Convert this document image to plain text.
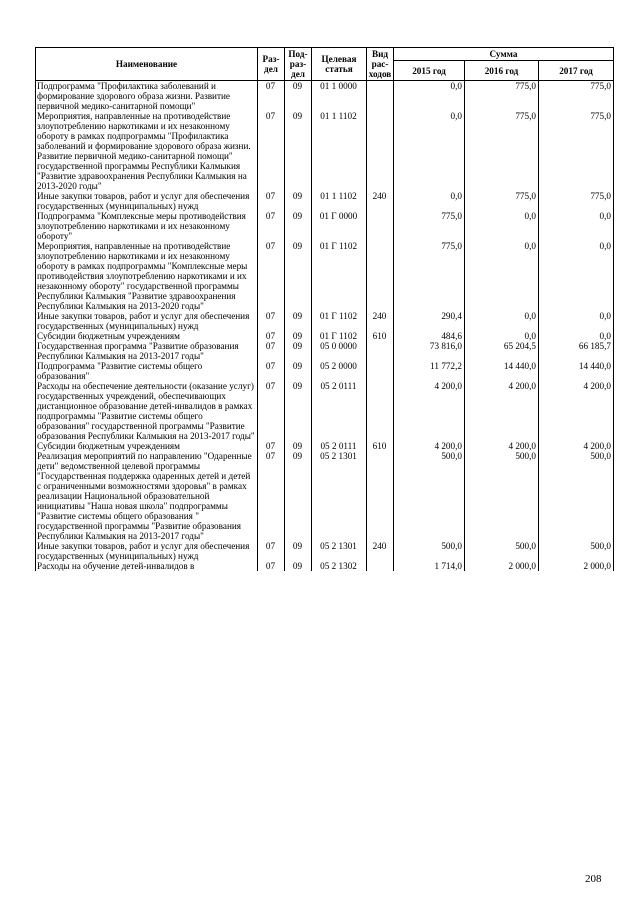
Наименование	Раз- дел	Под- раз- дел	Целевая статья	Вид рас- ходов	Сумма		
					2015 год	2016 год	2017 год
Подпрограмма "Профилактика заболеваний и формирование здорового образа жизни. Развитие первичной медико-санитарной помощи"	07	09	01 1 0000		0,0	775,0	775,0
Мероприятия, направленные на противодействие злоупотреблению наркотиками и их незаконному обороту в рамках подпрограммы "Профилактика заболеваний и формирование здорового образа жизни. Развитие первичной медико-санитарной помощи" государственной программы Республики Калмыкия "Развитие здравоохранения Республики Калмыкия на 2013-2020 годы"	07	09	01 1 1102		0,0	775,0	775,0
Иные закупки товаров, работ и услуг для обеспечения государственных (муниципальных) нужд	07	09	01 1 1102	240	0,0	775,0	775,0
Подпрограмма "Комплексные меры противодействия злоупотреблению наркотиками и их незаконному обороту"	07	09	01 Г 0000		775,0	0,0	0,0
Мероприятия, направленные на противодействие злоупотреблению наркотиками и их незаконному обороту в рамках подпрограммы "Комплексные меры противодействия злоупотреблению наркотиками и их незаконному обороту" государственной программы Республики Калмыкия "Развитие здравоохранения Республики Калмыкия на 2013-2020 годы"	07	09	01 Г 1102		775,0	0,0	0,0
Иные закупки товаров, работ и услуг для обеспечения государственных (муниципальных) нужд	07	09	01 Г 1102	240	290,4	0,0	0,0
Субсидии бюджетным учреждениям	07	09	01 Г 1102	610	484,6	0,0	0,0
Государственная программа "Развитие образования Республики Калмыкия на 2013-2017 годы"	07	09	05 0 0000		73 816,0	65 204,5	66 185,7
Подпрограмма "Развитие системы общего образования"	07	09	05 2 0000		11 772,2	14 440,0	14 440,0
Расходы на обеспечение деятельности (оказание услуг) государственных учреждений, обеспечивающих дистанционное образование детей-инвалидов в рамках подпрограммы "Развитие системы общего образования" государственной программы "Развитие образования Республики Калмыкия на 2013-2017 годы"	07	09	05 2 0111		4 200,0	4 200,0	4 200,0
Субсидии бюджетным учреждениям	07	09	05 2 0111	610	4 200,0	4 200,0	4 200,0
Реализация мероприятий по направлению "Одаренные дети" ведомственной целевой программы "Государственная поддержка одаренных детей и детей с ограниченными возможностями здоровья" в рамках реализации Национальной образовательной инициативы "Наша новая школа" подпрограммы "Развитие системы общего образования " государственной программы "Развитие образования Республики Калмыкия на 2013-2017 годы"	07	09	05 2 1301		500,0	500,0	500,0
Иные закупки товаров, работ и услуг для обеспечения государственных (муниципальных) нужд	07	09	05 2 1301	240	500,0	500,0	500,0
Расходы на обучение детей-инвалидов в	07	09	05 2 1302		1 714,0	2 000,0	2 000,0
208
